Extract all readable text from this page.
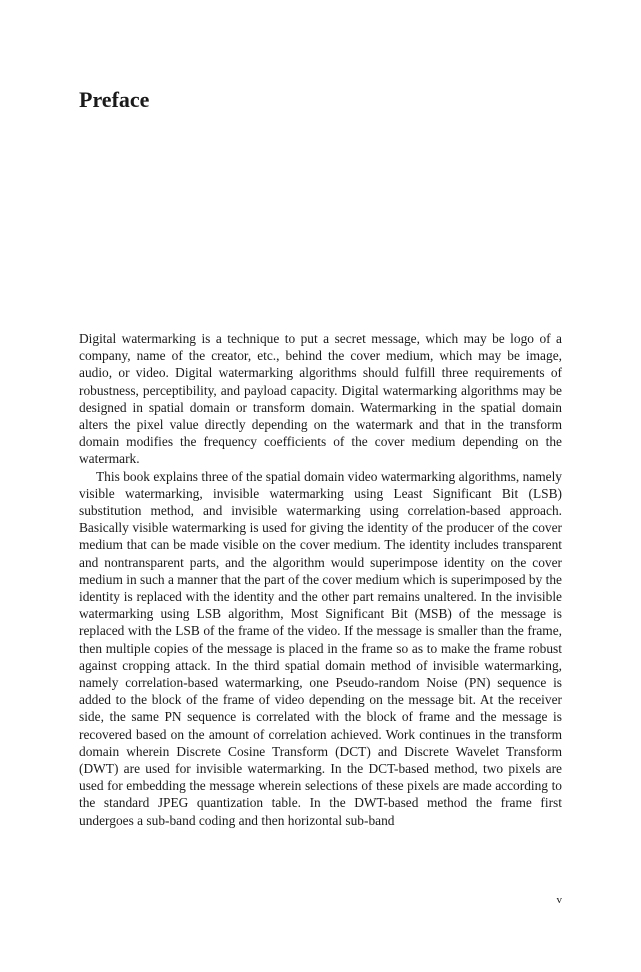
Preface

Digital watermarking is a technique to put a secret message, which may be logo of a company, name of the creator, etc., behind the cover medium, which may be image, audio, or video. Digital watermarking algorithms should fulfill three requirements of robustness, perceptibility, and payload capacity. Digital watermarking algorithms may be designed in spatial domain or transform domain. Watermarking in the spatial domain alters the pixel value directly depending on the watermark and that in the transform domain modifies the frequency coefficients of the cover medium depending on the watermark.

This book explains three of the spatial domain video watermarking algorithms, namely visible watermarking, invisible watermarking using Least Significant Bit (LSB) substitution method, and invisible watermarking using correlation-based approach. Basically visible watermarking is used for giving the identity of the producer of the cover medium that can be made visible on the cover medium. The identity includes transparent and nontransparent parts, and the algorithm would superimpose identity on the cover medium in such a manner that the part of the cover medium which is superimposed by the identity is replaced with the identity and the other part remains unaltered. In the invisible watermarking using LSB algorithm, Most Significant Bit (MSB) of the message is replaced with the LSB of the frame of the video. If the message is smaller than the frame, then multiple copies of the message is placed in the frame so as to make the frame robust against cropping attack. In the third spatial domain method of invisible watermarking, namely correlation-based watermarking, one Pseudo-random Noise (PN) sequence is added to the block of the frame of video depending on the message bit. At the receiver side, the same PN sequence is correlated with the block of frame and the message is recovered based on the amount of correlation achieved. Work continues in the transform domain wherein Discrete Cosine Transform (DCT) and Discrete Wavelet Transform (DWT) are used for invisible watermarking. In the DCT-based method, two pixels are used for embedding the message wherein selections of these pixels are made according to the standard JPEG quantization table. In the DWT-based method the frame first undergoes a sub-band coding and then horizontal sub-band

v
